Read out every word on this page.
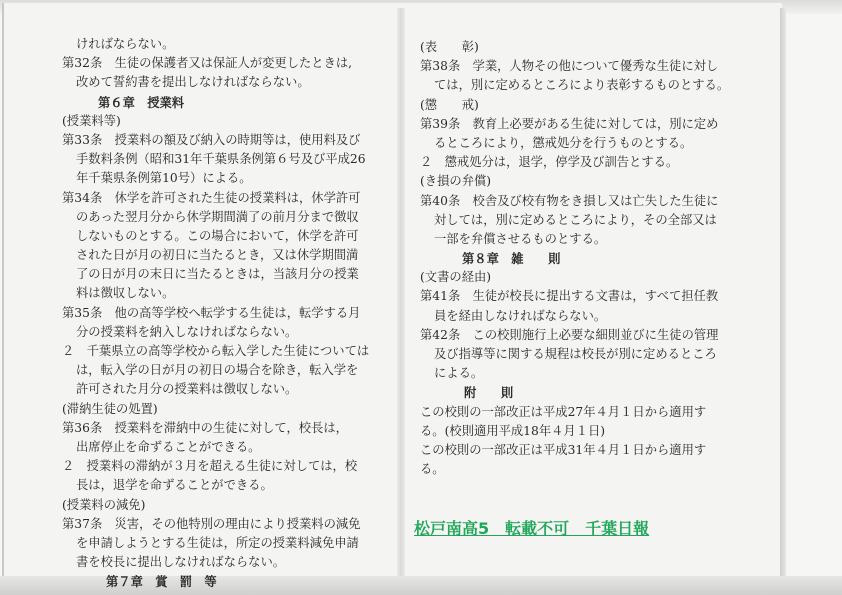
ければならない。
第32条　生徒の保護者又は保証人が変更したときは,
改めて誓約書を提出しなければならない。
第６章　授業料
(授業料等)
第33条　授業料の額及び納入の時期等は，使用料及び
手数料条例（昭和31年千葉県条例第６号及び平成26
年千葉県条例第10号）による。
第34条　休学を許可された生徒の授業料は，休学許可
のあった翌月分から休学期間満了の前月分まで徴収
しないものとする。この場合において，休学を許可
された日が月の初日に当たるとき，又は休学期間満
了の日が月の末日に当たるときは，当該月分の授業
料は徴収しない。
第35条　他の高等学校へ転学する生徒は，転学する月
分の授業料を納入しなければならない。
２　千葉県立の高等学校から転入学した生徒については
は，転入学の日が月の初日の場合を除き，転入学を
許可された月分の授業料は徴収しない。
(滞納生徒の処置)
第36条　授業料を滞納中の生徒に対して，校長は，
出席停止を命ずることができる。
２　授業料の滞納が３月を超える生徒に対しては，校
長は，退学を命ずることができる。
(授業料の減免)
第37条　災害，その他特別の理由により授業料の減免
を申請しようとする生徒は，所定の授業料減免申請
書を校長に提出しなければならない。
第７章　賞　罰　等
(表　　彰)
第38条　学業，人物その他について優秀な生徒に対し
ては，別に定めるところにより表彰するものとする。
(懲　　戒)
第39条　教育上必要がある生徒に対しては，別に定め
るところにより，懲戒処分を行うものとする。
２　懲戒処分は，退学，停学及び訓告とする。
(き損の弁償)
第40条　校舎及び校有物をき損し又は亡失した生徒に
対しては，別に定めるところにより，その全部又は
一部を弁償させるものとする。
第８章　雑　　則
(文書の経由)
第41条　生徒が校長に提出する文書は，すべて担任教
員を経由しなければならない。
第42条　この校則施行上必要な細則並びに生徒の管理
及び指導等に関する規程は校長が別に定めるところ
による。
附　　則
この校則の一部改正は平成27年４月１日から適用す
る。(校則適用平成18年４月１日)
この校則の一部改正は平成31年４月１日から適用す
る。
松戸南高5　転載不可　千葉日報
